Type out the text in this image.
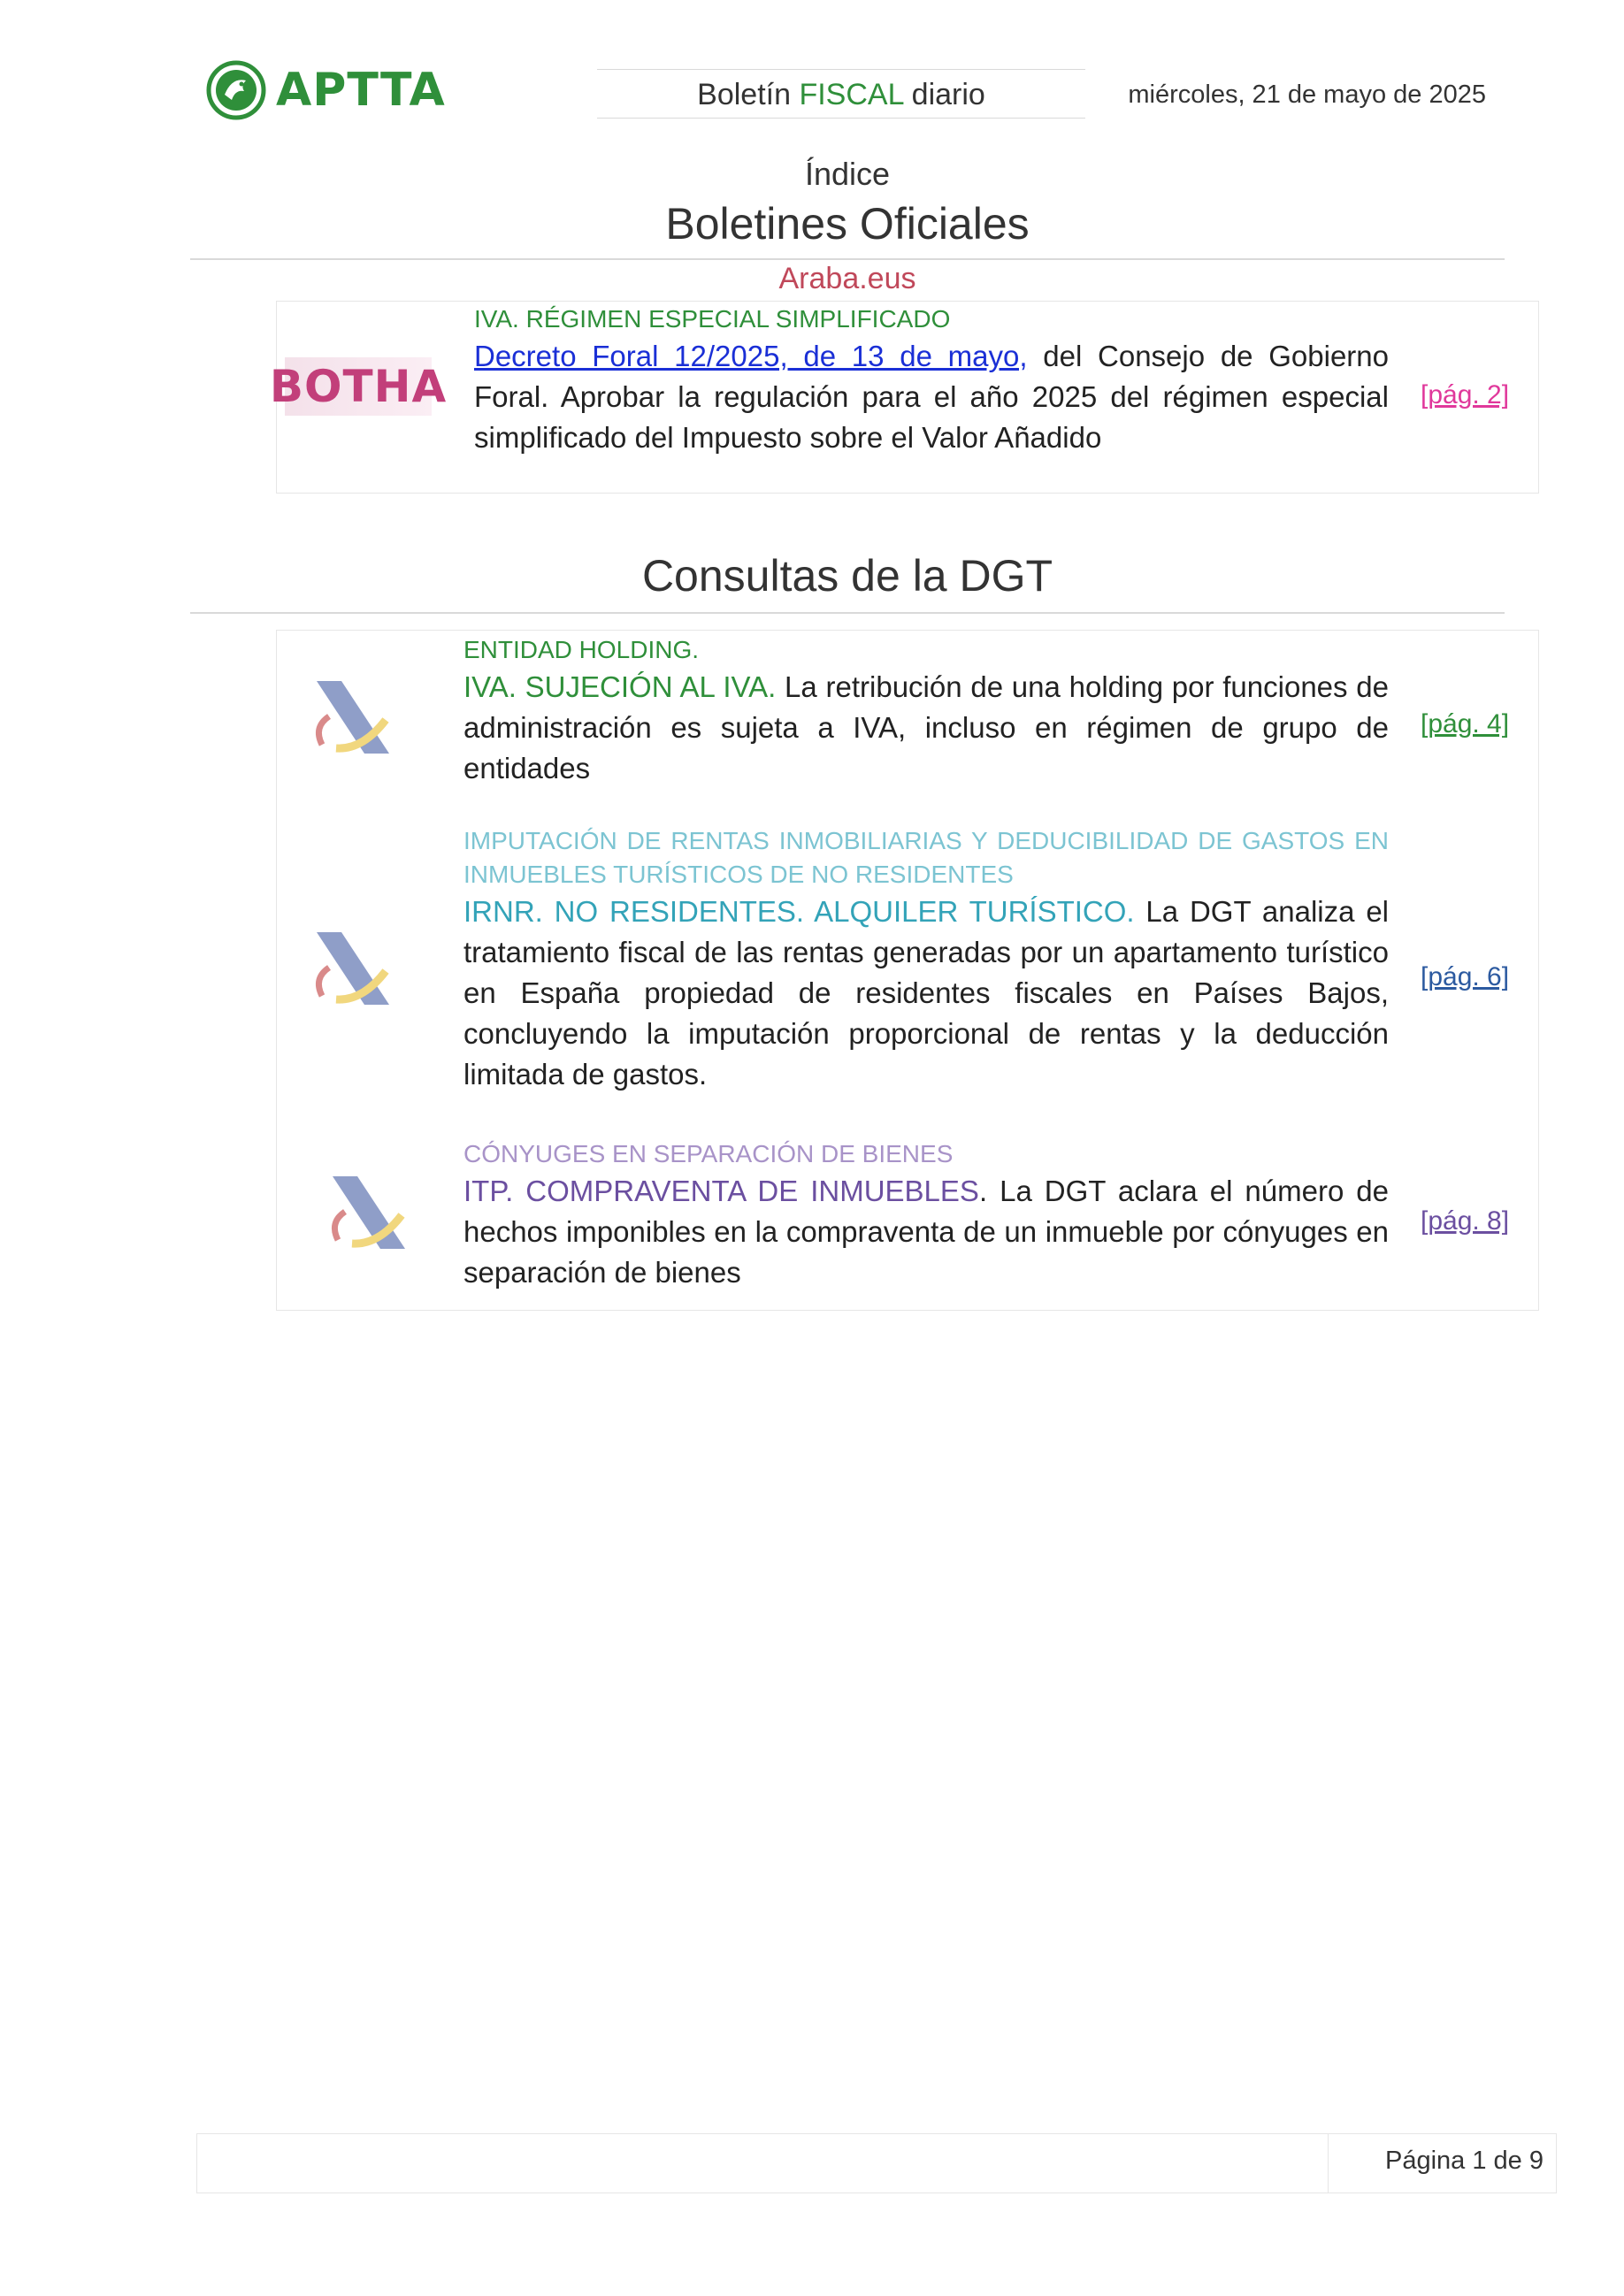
APTTA	Boletín FISCAL diario	miércoles, 21 de mayo de 2025
Índice
Boletines Oficiales
Araba.eus
BOTHA
IVA. RÉGIMEN ESPECIAL SIMPLIFICADO
Decreto Foral 12/2025, de 13 de mayo, del Consejo de Gobierno Foral. Aprobar la regulación para el año 2025 del régimen especial simplificado del Impuesto sobre el Valor Añadido
[pág. 2]
Consultas de la DGT
ENTIDAD HOLDING.
IVA. SUJECIÓN AL IVA. La retribución de una holding por funciones de administración es sujeta a IVA, incluso en régimen de grupo de entidades
[pág. 4]
IMPUTACIÓN DE RENTAS INMOBILIARIAS Y DEDUCIBILIDAD DE GASTOS EN INMUEBLES TURÍSTICOS DE NO RESIDENTES
IRNR. NO RESIDENTES. ALQUILER TURÍSTICO. La DGT analiza el tratamiento fiscal de las rentas generadas por un apartamento turístico en España propiedad de residentes fiscales en Países Bajos, concluyendo la imputación proporcional de rentas y la deducción limitada de gastos.
[pág. 6]
CÓNYUGES EN SEPARACIÓN DE BIENES
ITP. COMPRAVENTA DE INMUEBLES. La DGT aclara el número de hechos imponibles en la compraventa de un inmueble por cónyuges en separación de bienes
[pág. 8]
Página 1 de 9
